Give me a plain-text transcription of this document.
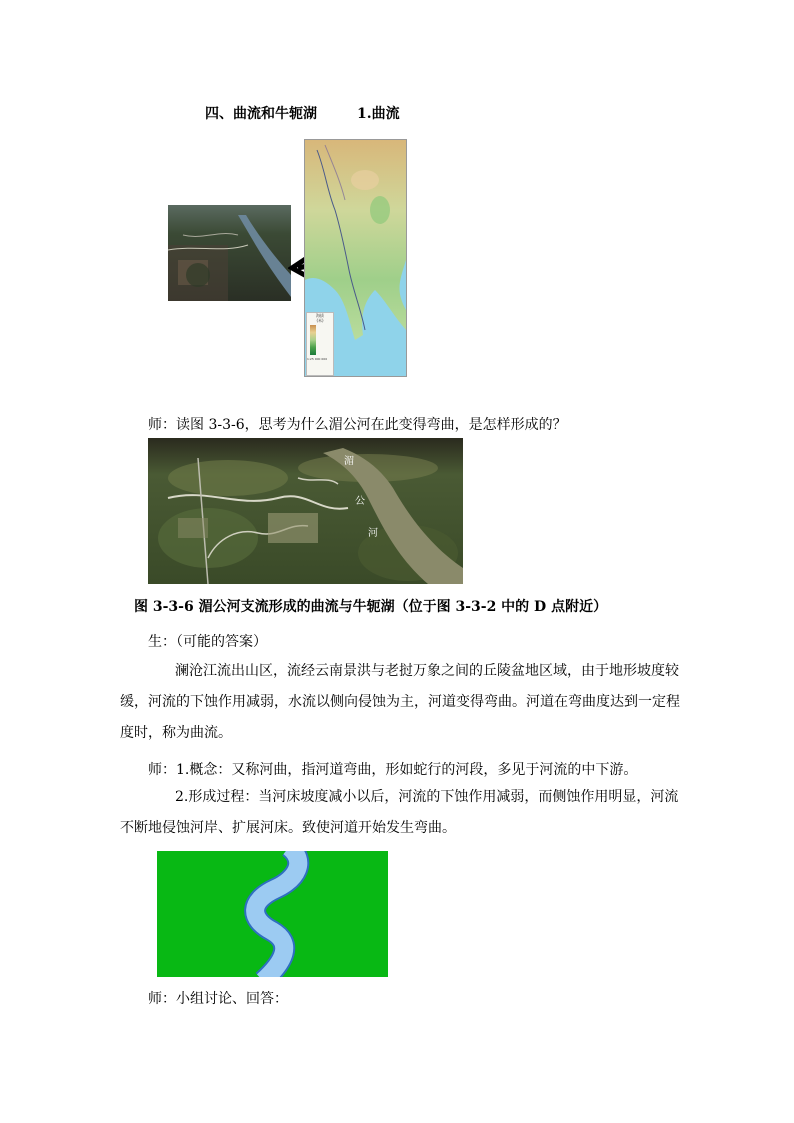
四、曲流和牛轭湖	1.曲流
海拔
(米)
1:25 000 000
师：读图 3-3-6，思考为什么湄公河在此变得弯曲，是怎样形成的？
湄
公
河
图 3-3-6 湄公河支流形成的曲流与牛轭湖（位于图 3-3-2 中的 D 点附近）
生：（可能的答案）
澜沧江流出山区，流经云南景洪与老挝万象之间的丘陵盆地区域，由于地形坡度较缓，河流的下蚀作用减弱，水流以侧向侵蚀为主，河道变得弯曲。河道在弯曲度达到一定程度时，称为曲流。
师：1.概念：又称河曲，指河道弯曲，形如蛇行的河段，多见于河流的中下游。
2.形成过程：当河床坡度减小以后，河流的下蚀作用减弱，而侧蚀作用明显，河流不断地侵蚀河岸、扩展河床。致使河道开始发生弯曲。
师：小组讨论、回答：
